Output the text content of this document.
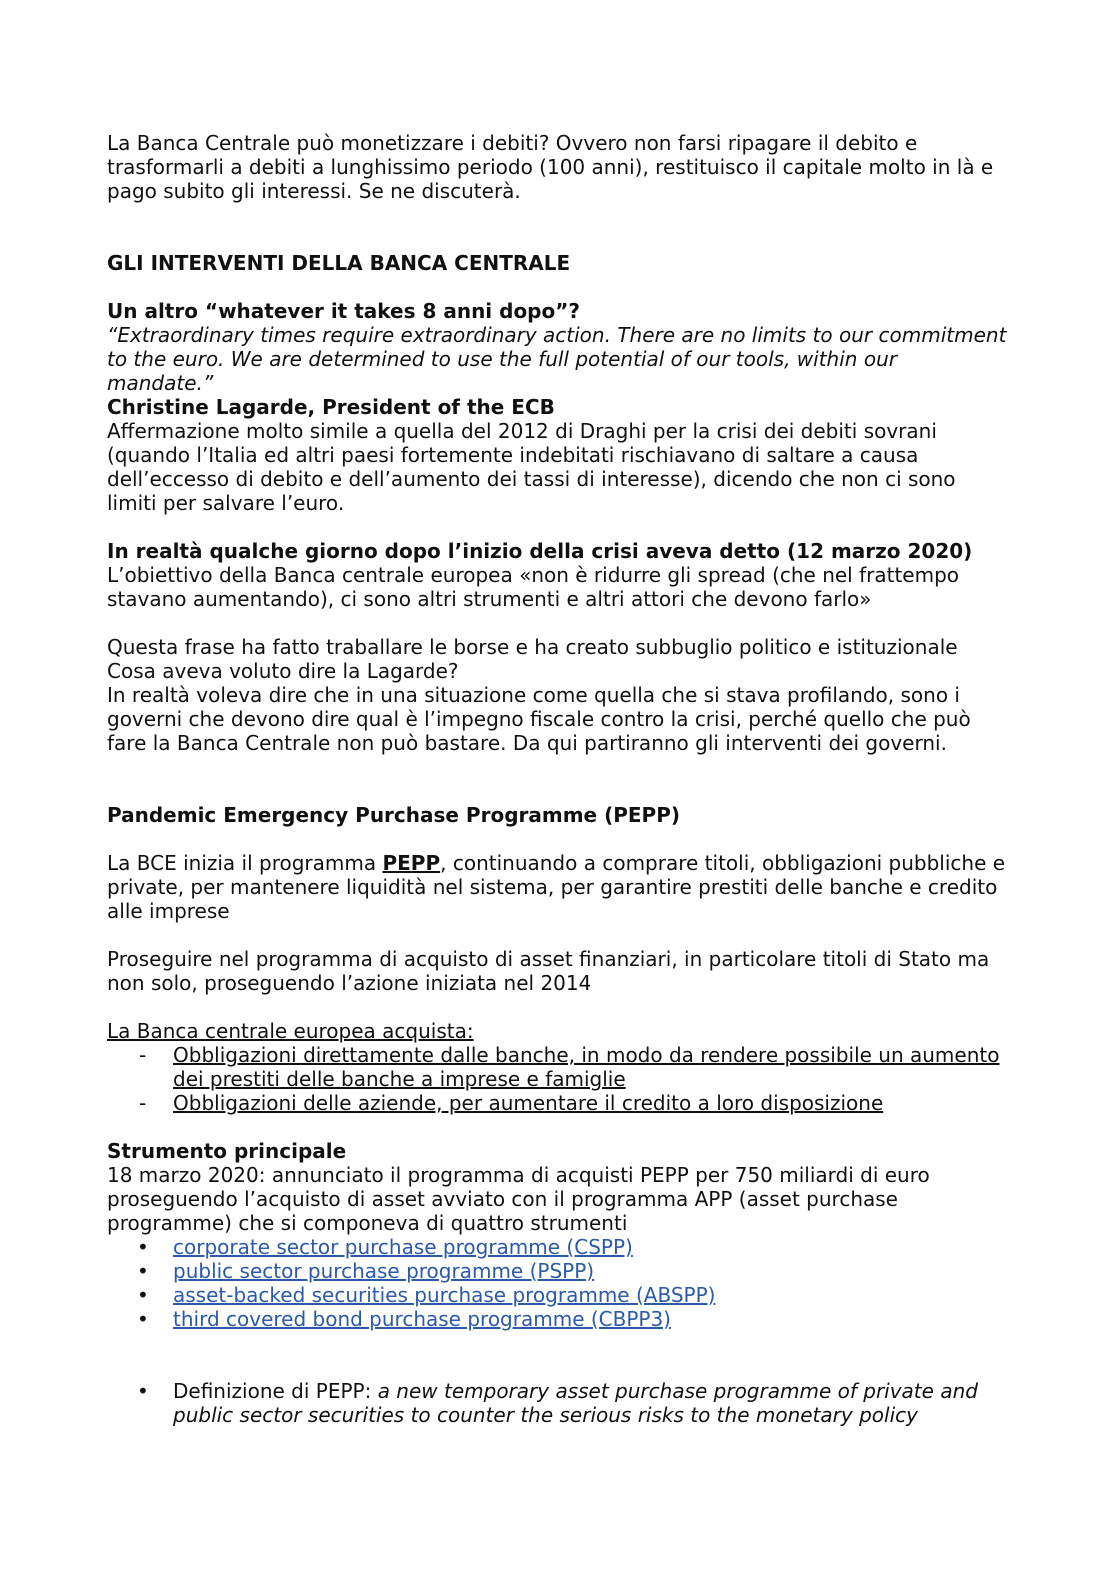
La Banca Centrale può monetizzare i debiti? Ovvero non farsi ripagare il debito e trasformarli a debiti a lunghissimo periodo (100 anni), restituisco il capitale molto in là e pago subito gli interessi. Se ne discuterà.

GLI INTERVENTI DELLA BANCA CENTRALE

Un altro “whatever it takes 8 anni dopo”?

“Extraordinary times require extraordinary action. There are no limits to our commitment to the euro. We are determined to use the full potential of our tools, within our mandate.”

Christine Lagarde, President of the ECB

Affermazione molto simile a quella del 2012 di Draghi per la crisi dei debiti sovrani (quando l’Italia ed altri paesi fortemente indebitati rischiavano di saltare a causa dell’eccesso di debito e dell’aumento dei tassi di interesse), dicendo che non ci sono limiti per salvare l’euro.

In realtà qualche giorno dopo l’inizio della crisi aveva detto (12 marzo 2020)

L’obiettivo della Banca centrale europea «non è ridurre gli spread (che nel frattempo stavano aumentando), ci sono altri strumenti e altri attori che devono farlo»

Questa frase ha fatto traballare le borse e ha creato subbuglio politico e istituzionale

Cosa aveva voluto dire la Lagarde?

In realtà voleva dire che in una situazione come quella che si stava profilando, sono i governi che devono dire qual è l’impegno fiscale contro la crisi, perché quello che può fare la Banca Centrale non può bastare. Da qui partiranno gli interventi dei governi.

Pandemic Emergency Purchase Programme (PEPP)

La BCE inizia il programma PEPP, continuando a comprare titoli, obbligazioni pubbliche e private, per mantenere liquidità nel sistema, per garantire prestiti delle banche e credito alle imprese

Proseguire nel programma di acquisto di asset finanziari, in particolare titoli di Stato ma non solo, proseguendo l’azione iniziata nel 2014

La Banca centrale europea acquista:

- Obbligazioni direttamente dalle banche, in modo da rendere possibile un aumento dei prestiti delle banche a imprese e famiglie
- Obbligazioni delle aziende, per aumentare il credito a loro disposizione

Strumento principale

18 marzo 2020: annunciato il programma di acquisti PEPP per 750 miliardi di euro proseguendo l’acquisto di asset avviato con il programma APP (asset purchase programme) che si componeva di quattro strumenti

• corporate sector purchase programme (CSPP)
• public sector purchase programme (PSPP)
• asset-backed securities purchase programme (ABSPP)
• third covered bond purchase programme (CBPP3)
• Definizione di PEPP: a new temporary asset purchase programme of private and public sector securities to counter the serious risks to the monetary policy
